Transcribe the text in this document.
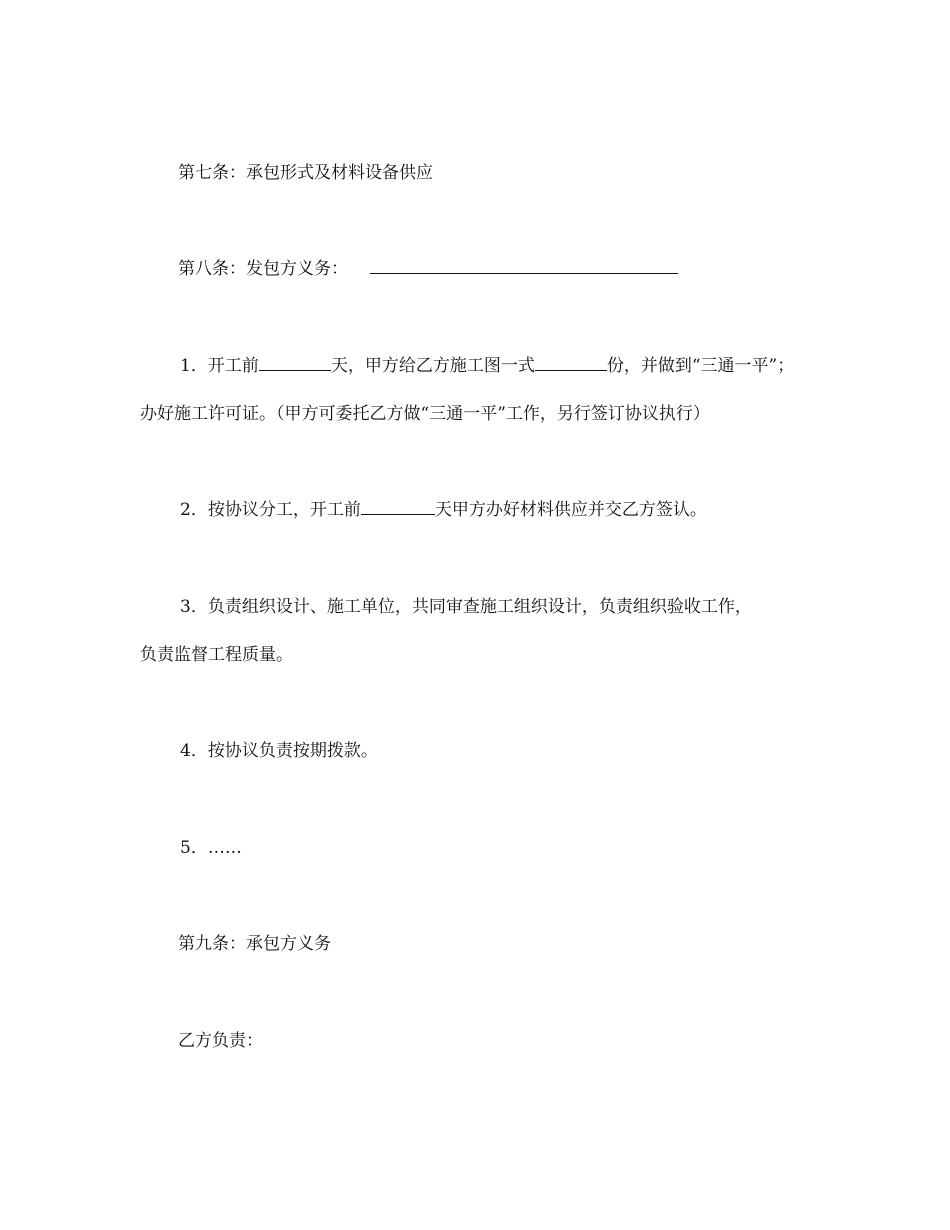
第七条：承包形式及材料设备供应
第八条：发包方义务：
1．开工前	天，甲方给乙方施工图一式	份，并做到“三通一平”；
办好施工许可证。（甲方可委托乙方做“三通一平”工作，另行签订协议执行）
2．按协议分工，开工前	天甲方办好材料供应并交乙方签认。
3．负责组织设计、施工单位，共同审查施工组织设计，负责组织验收工作，
负责监督工程质量。
4．按协议负责按期拨款。
5．……
第九条：承包方义务
乙方负责：
